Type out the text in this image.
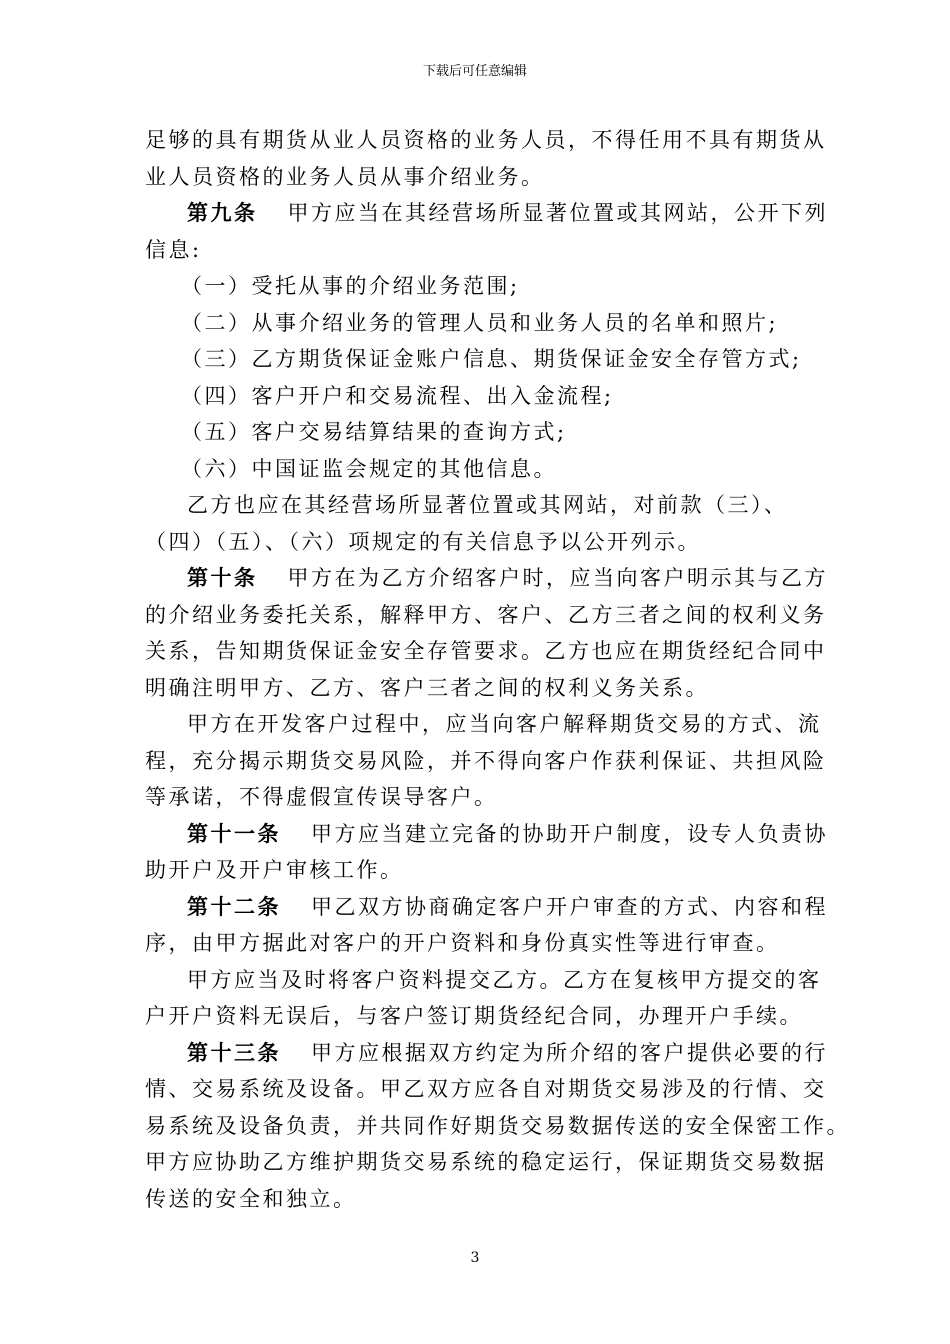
下载后可任意编辑
足够的具有期货从业人员资格的业务人员，不得任用不具有期货从
业人员资格的业务人员从事介绍业务。
第九条 甲方应当在其经营场所显著位置或其网站，公开下列
信息:
（一）受托从事的介绍业务范围;
（二）从事介绍业务的管理人员和业务人员的名单和照片;
（三）乙方期货保证金账户信息、期货保证金安全存管方式;
（四）客户开户和交易流程、出入金流程;
（五）客户交易结算结果的查询方式;
（六）中国证监会规定的其他信息。
乙方也应在其经营场所显著位置或其网站，对前款（三）、
（四）（五）、（六）项规定的有关信息予以公开列示。
第十条 甲方在为乙方介绍客户时，应当向客户明示其与乙方
的介绍业务委托关系，解释甲方、客户、乙方三者之间的权利义务
关系，告知期货保证金安全存管要求。乙方也应在期货经纪合同中
明确注明甲方、乙方、客户三者之间的权利义务关系。
甲方在开发客户过程中，应当向客户解释期货交易的方式、流
程，充分揭示期货交易风险，并不得向客户作获利保证、共担风险
等承诺，不得虚假宣传误导客户。
第十一条 甲方应当建立完备的协助开户制度，设专人负责协
助开户及开户审核工作。
第十二条 甲乙双方协商确定客户开户审查的方式、内容和程
序，由甲方据此对客户的开户资料和身份真实性等进行审查。
甲方应当及时将客户资料提交乙方。乙方在复核甲方提交的客
户开户资料无误后，与客户签订期货经纪合同，办理开户手续。
第十三条 甲方应根据双方约定为所介绍的客户提供必要的行
情、交易系统及设备。甲乙双方应各自对期货交易涉及的行情、交
易系统及设备负责，并共同作好期货交易数据传送的安全保密工作。
甲方应协助乙方维护期货交易系统的稳定运行，保证期货交易数据
传送的安全和独立。
3
